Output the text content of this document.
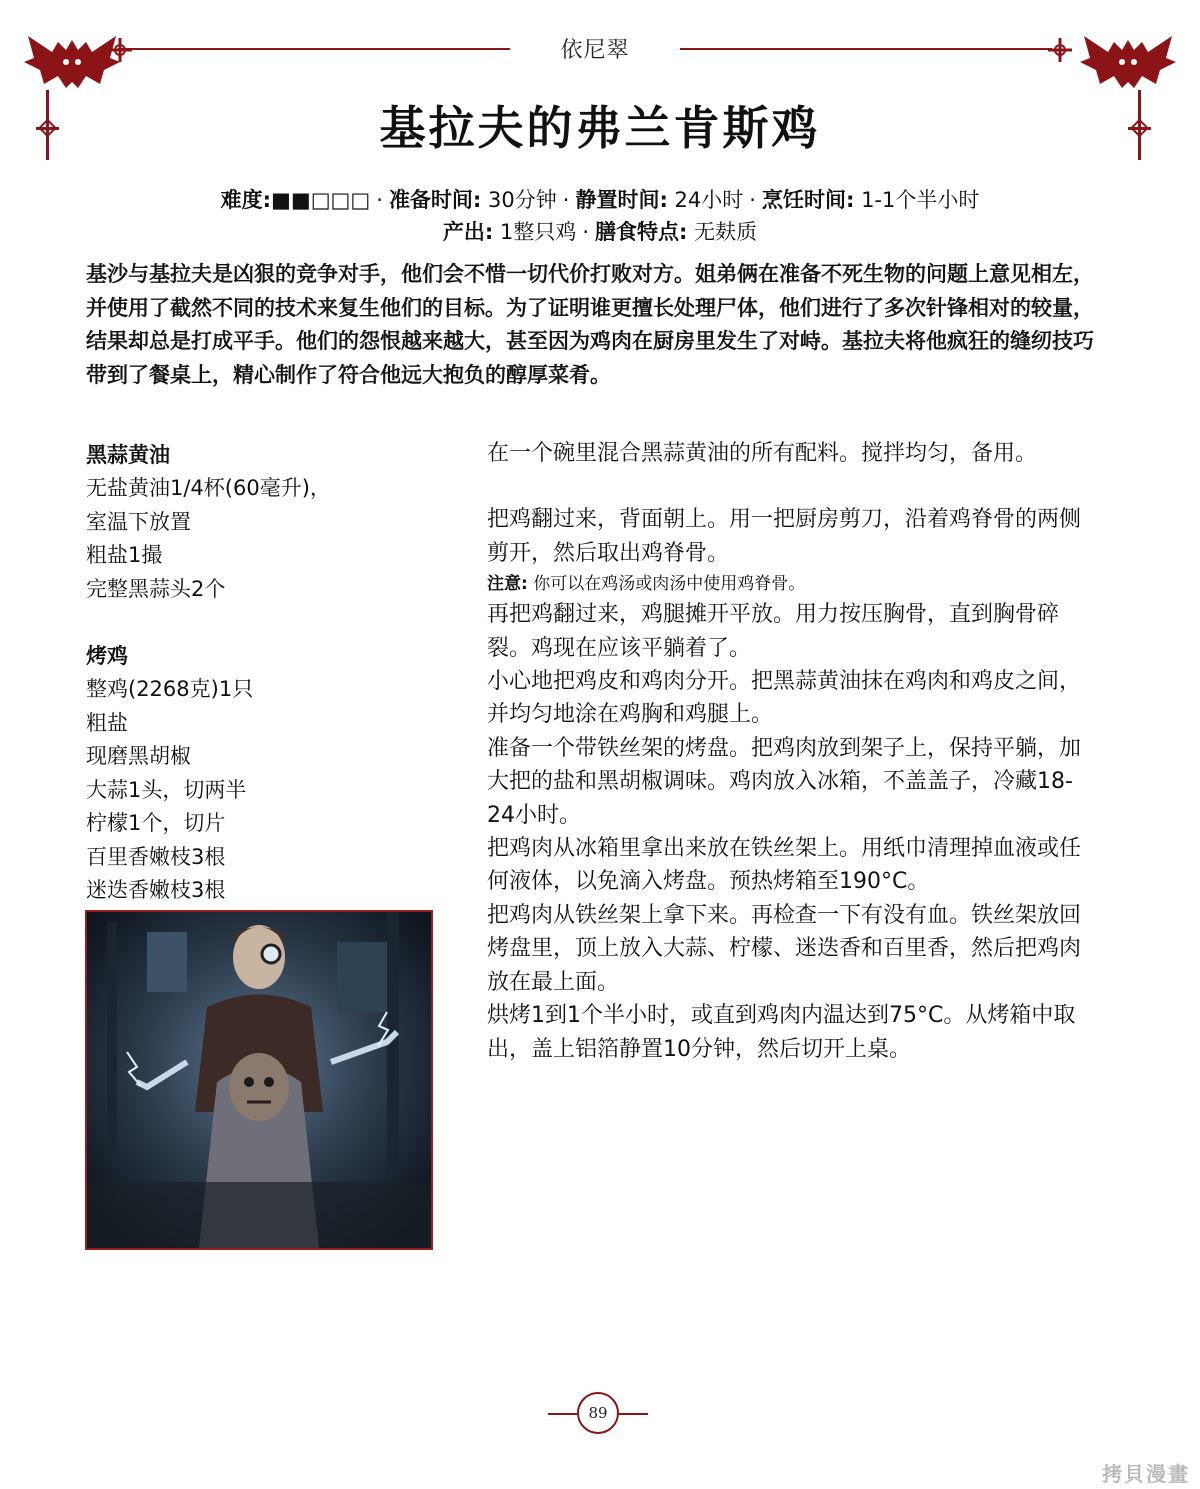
依尼翠
基拉夫的弗兰肯斯鸡
难度:■■□□□ · 准备时间: 30分钟 · 静置时间: 24小时 · 烹饪时间: 1-1个半小时
产出: 1整只鸡 · 膳食特点: 无麸质

基沙与基拉夫是凶狠的竞争对手，他们会不惜一切代价打败对方。姐弟俩在准备不死生物的问题上意见相左，并使用了截然不同的技术来复生他们的目标。为了证明谁更擅长处理尸体，他们进行了多次针锋相对的较量，结果却总是打成平手。他们的怨恨越来越大，甚至因为鸡肉在厨房里发生了对峙。基拉夫将他疯狂的缝纫技巧带到了餐桌上，精心制作了符合他远大抱负的醇厚菜肴。

黑蒜黄油
无盐黄油1/4杯(60毫升)，室温下放置
粗盐1撮
完整黑蒜头2个
烤鸡
整鸡(2268克)1只
粗盐
现磨黑胡椒
大蒜1头，切两半
柠檬1个，切片
百里香嫩枝3根
迷迭香嫩枝3根

在一个碗里混合黑蒜黄油的所有配料。搅拌均匀，备用。

把鸡翻过来，背面朝上。用一把厨房剪刀，沿着鸡脊骨的两侧剪开，然后取出鸡脊骨。

注意: 你可以在鸡汤或肉汤中使用鸡脊骨。

再把鸡翻过来，鸡腿摊开平放。用力按压胸骨，直到胸骨碎裂。鸡现在应该平躺着了。

小心地把鸡皮和鸡肉分开。把黑蒜黄油抹在鸡肉和鸡皮之间，并均匀地涂在鸡胸和鸡腿上。

准备一个带铁丝架的烤盘。把鸡肉放到架子上，保持平躺，加大把的盐和黑胡椒调味。鸡肉放入冰箱，不盖盖子，冷藏18-24小时。

把鸡肉从冰箱里拿出来放在铁丝架上。用纸巾清理掉血液或任何液体，以免滴入烤盘。预热烤箱至190°C。

把鸡肉从铁丝架上拿下来。再检查一下有没有血。铁丝架放回烤盘里，顶上放入大蒜、柠檬、迷迭香和百里香，然后把鸡肉放在最上面。

烘烤1到1个半小时，或直到鸡肉内温达到75°C。从烤箱中取出，盖上铝箔静置10分钟，然后切开上桌。

89
拷貝漫畫
